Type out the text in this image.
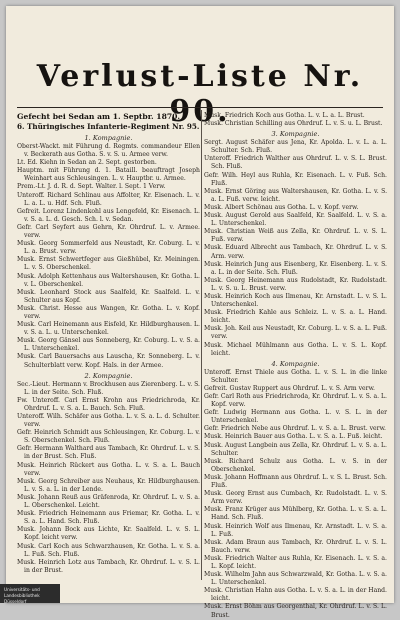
Verlust-Liste Nr. 90.
Gefecht bei Sedan am 1. Septbr. 1870.
6. Thüringisches Infanterie-Regiment Nr. 95.
1. Kompagnie.

Oberst-Wackt. mit Führung d. Regmts. commandeur Ellen v. Beckerath aus Gotha. S. v. S. u. Armee verw.

Lt. Ed. Kiehn in Sedan an 2. Sept. gestorben.

Hauptm. mit Führung d. 1. Bataill. beauftragt Joseph Weinhart aus Schleusingen. L. v. Hauptbr. u. Armee.

Prem.-Lt. J. d. R. d. Sept. Walter. l. Sept. 1 Verw.

Unteroff. Richard Schlinau aus Affolter, Kr. Eisenach. L. v. L. a. L. u. Hdf. Sch. Fluß.

Gefreit. Lorenz Lindenkohl aus Lengefeld, Kr. Eisenach. L. v. S. a. L. d. Gesch. Sch. l. v. Sedan.

Gefr. Carl Seyfert aus Gehrn, Kr. Ohrdruf. L. v. Armee. verw.

Musk. Georg Sommerfeld aus Neustadt, Kr. Coburg. L. v. L. a. Brust. verw.

Musk. Ernst Schwertfeger aus Gießhübel, Kr. Meiningen. L. v. S. Oberschenkel.

Musk. Adolph Kettenhaus aus Waltershausen, Kr. Gotha. L. v. L. Oberschenkel.

Musk. Leonhard Stock aus Saalfeld, Kr. Saalfeld. L. v. Schulter aus Kopf.

Musk. Christ. Hesse aus Wangen, Kr. Gotha. L. v. Kopf. verw.

Musk. Carl Heinemann aus Eisfeld, Kr. Hildburghausen. L. v. S. a. L. u. Unterschenkel.

Musk. Georg Gänsel aus Sonneberg, Kr. Coburg. L. v. S. a. L. Unterschenkel.

Musk. Carl Bauersachs aus Lauscha, Kr. Sonneberg. L. v. Schulterblatt verw. Kopf. Hals. in der Armee.

2. Kompagnie.

Sec.-Lieut. Hermann v. Brockhusen aus Zierenberg. L. v. S. L. in der Seite. Sch. Fluß.

Fw. Unteroff. Carl Ernst Krohn aus Friedrichroda, Kr. Ohrdruf. L. v. S. a. L. Bauch. Sch. Fluß.

Unteroff. Wilh. Schäfer aus Gotha. L. v. S. a. L. d. Schulter. verw.

Gefr. Heinrich Schmidt aus Schleusingen, Kr. Coburg. L. v. S. Oberschenkel. Sch. Fluß.

Gefr. Hermann Walthard aus Tambach, Kr. Ohrdruf. L. v. S. in der Brust. Sch. Fluß.

Musk. Heinrich Rückert aus Gotha. L. v. S. a. L. Bauch verw.

Musk. Georg Schreiber aus Neuhaus, Kr. Hildburghausen. L. v. S. a. L. in der Lende.

Musk. Johann Reuß aus Gräfenroda, Kr. Ohrdruf. L. v. S. a. L. Oberschenkel. Leicht.

Musk. Friedrich Heinemann aus Friemar, Kr. Gotha. L. v. S. a. L. Hand. Sch. Fluß.

Musk. Johann Bock aus Lichte, Kr. Saalfeld. L. v. S. L. Kopf. leicht verw.

Musk. Carl Koch aus Schwarzhausen, Kr. Gotha. L. v. S. a. L. Fuß. Sch. Fluß.

Musk. Heinrich Lotz aus Tambach, Kr. Ohrdruf. L. v. S. L. in der Brust.

Musk. Friedrich Koch aus Gotha. L. v. L. a. L. Brust.

Musk. Christian Schilling aus Ohrdruf. L. v. S. u. L. Brust.

3. Kompagnie.

Sergt. August Schäfer aus Jena, Kr. Apolda. L. v. L. a. L. Schulter. Sch. Fluß.

Unteroff. Friedrich Walther aus Ohrdruf. L. v. S. L. Brust. Sch. Fluß.

Gefr. Wilh. Heyl aus Ruhla, Kr. Eisenach. L. v. Fuß. Sch. Fluß.

Musk. Ernst Göring aus Waltershausen, Kr. Gotha. L. v. S. a. L. Fuß. verw. leicht.

Musk. Albert Schönau aus Gotha. L. v. Kopf. verw.

Musk. August Gerold aus Saalfeld, Kr. Saalfeld. L. v. S. a. L. Unterschenkel.

Musk. Christian Weiß aus Zella, Kr. Ohrdruf. L. v. S. L. Fuß. verw.

Musk. Eduard Albrecht aus Tambach, Kr. Ohrdruf. L. v. S. Arm. verw.

Musk. Heinrich Jung aus Eisenberg, Kr. Eisenberg. L. v. S. a. L. in der Seite. Sch. Fluß.

Musk. Georg Heinemann aus Rudolstadt, Kr. Rudolstadt. L. v. S. u. L. Brust. verw.

Musk. Heinrich Koch aus Ilmenau, Kr. Arnstadt. L. v. S. L. Unterschenkel.

Musk. Friedrich Kahle aus Schleiz. L. v. S. a. L. Hand. leicht.

Musk. Joh. Keil aus Neustadt, Kr. Coburg. L. v. S. a. L. Fuß. verw.

Musk. Michael Mühlmann aus Gotha. L. v. S. L. Kopf. leicht.

4. Kompagnie.

Unteroff. Ernst Thiele aus Gotha. L. v. S. L. in die linke Schulter.

Gefreit. Gustav Ruppert aus Ohrdruf. L. v. S. Arm verw.

Gefr. Carl Roth aus Friedrichroda, Kr. Ohrdruf. L. v. S. a. L. Kopf. verw.

Gefr. Ludwig Hermann aus Gotha. L. v. S. L. in der Unterschenkel.

Gefr. Friedrich Nebe aus Ohrdruf. L. v. S. a. L. Brust. verw.

Musk. Heinrich Bauer aus Gotha. L. v. S. a. L. Fuß. leicht.

Musk. August Langbein aus Zella, Kr. Ohrdruf. L. v. S. a. L. Schulter.

Musk. Richard Schulz aus Gotha. L. v. S. in der Oberschenkel.

Musk. Johann Hoffmann aus Ohrdruf. L. v. S. L. Brust. Sch. Fluß.

Musk. Georg Ernst aus Cumbach, Kr. Rudolstadt. L. v. S. Arm verw.

Musk. Franz Krüger aus Mühlberg, Kr. Gotha. L. v. S. a. L. Hand. Sch. Fluß.

Musk. Heinrich Wolf aus Ilmenau, Kr. Arnstadt. L. v. S. a. L. Fuß.

Musk. Adam Braun aus Tambach, Kr. Ohrdruf. L. v. S. L. Bauch. verw.

Musk. Friedrich Walter aus Ruhla, Kr. Eisenach. L. v. S. a. L. Kopf. leicht.

Musk. Wilhelm Jahn aus Schwarzwald, Kr. Gotha. L. v. S. a. L. Unterschenkel.

Musk. Christian Hahn aus Gotha. L. v. S. a. L. in der Hand. leicht.

Musk. Ernst Böhm aus Georgenthal, Kr. Ohrdruf. L. v. S. L. Brust.

Universitäts- und
Landesbibliothek Düsseldorf
